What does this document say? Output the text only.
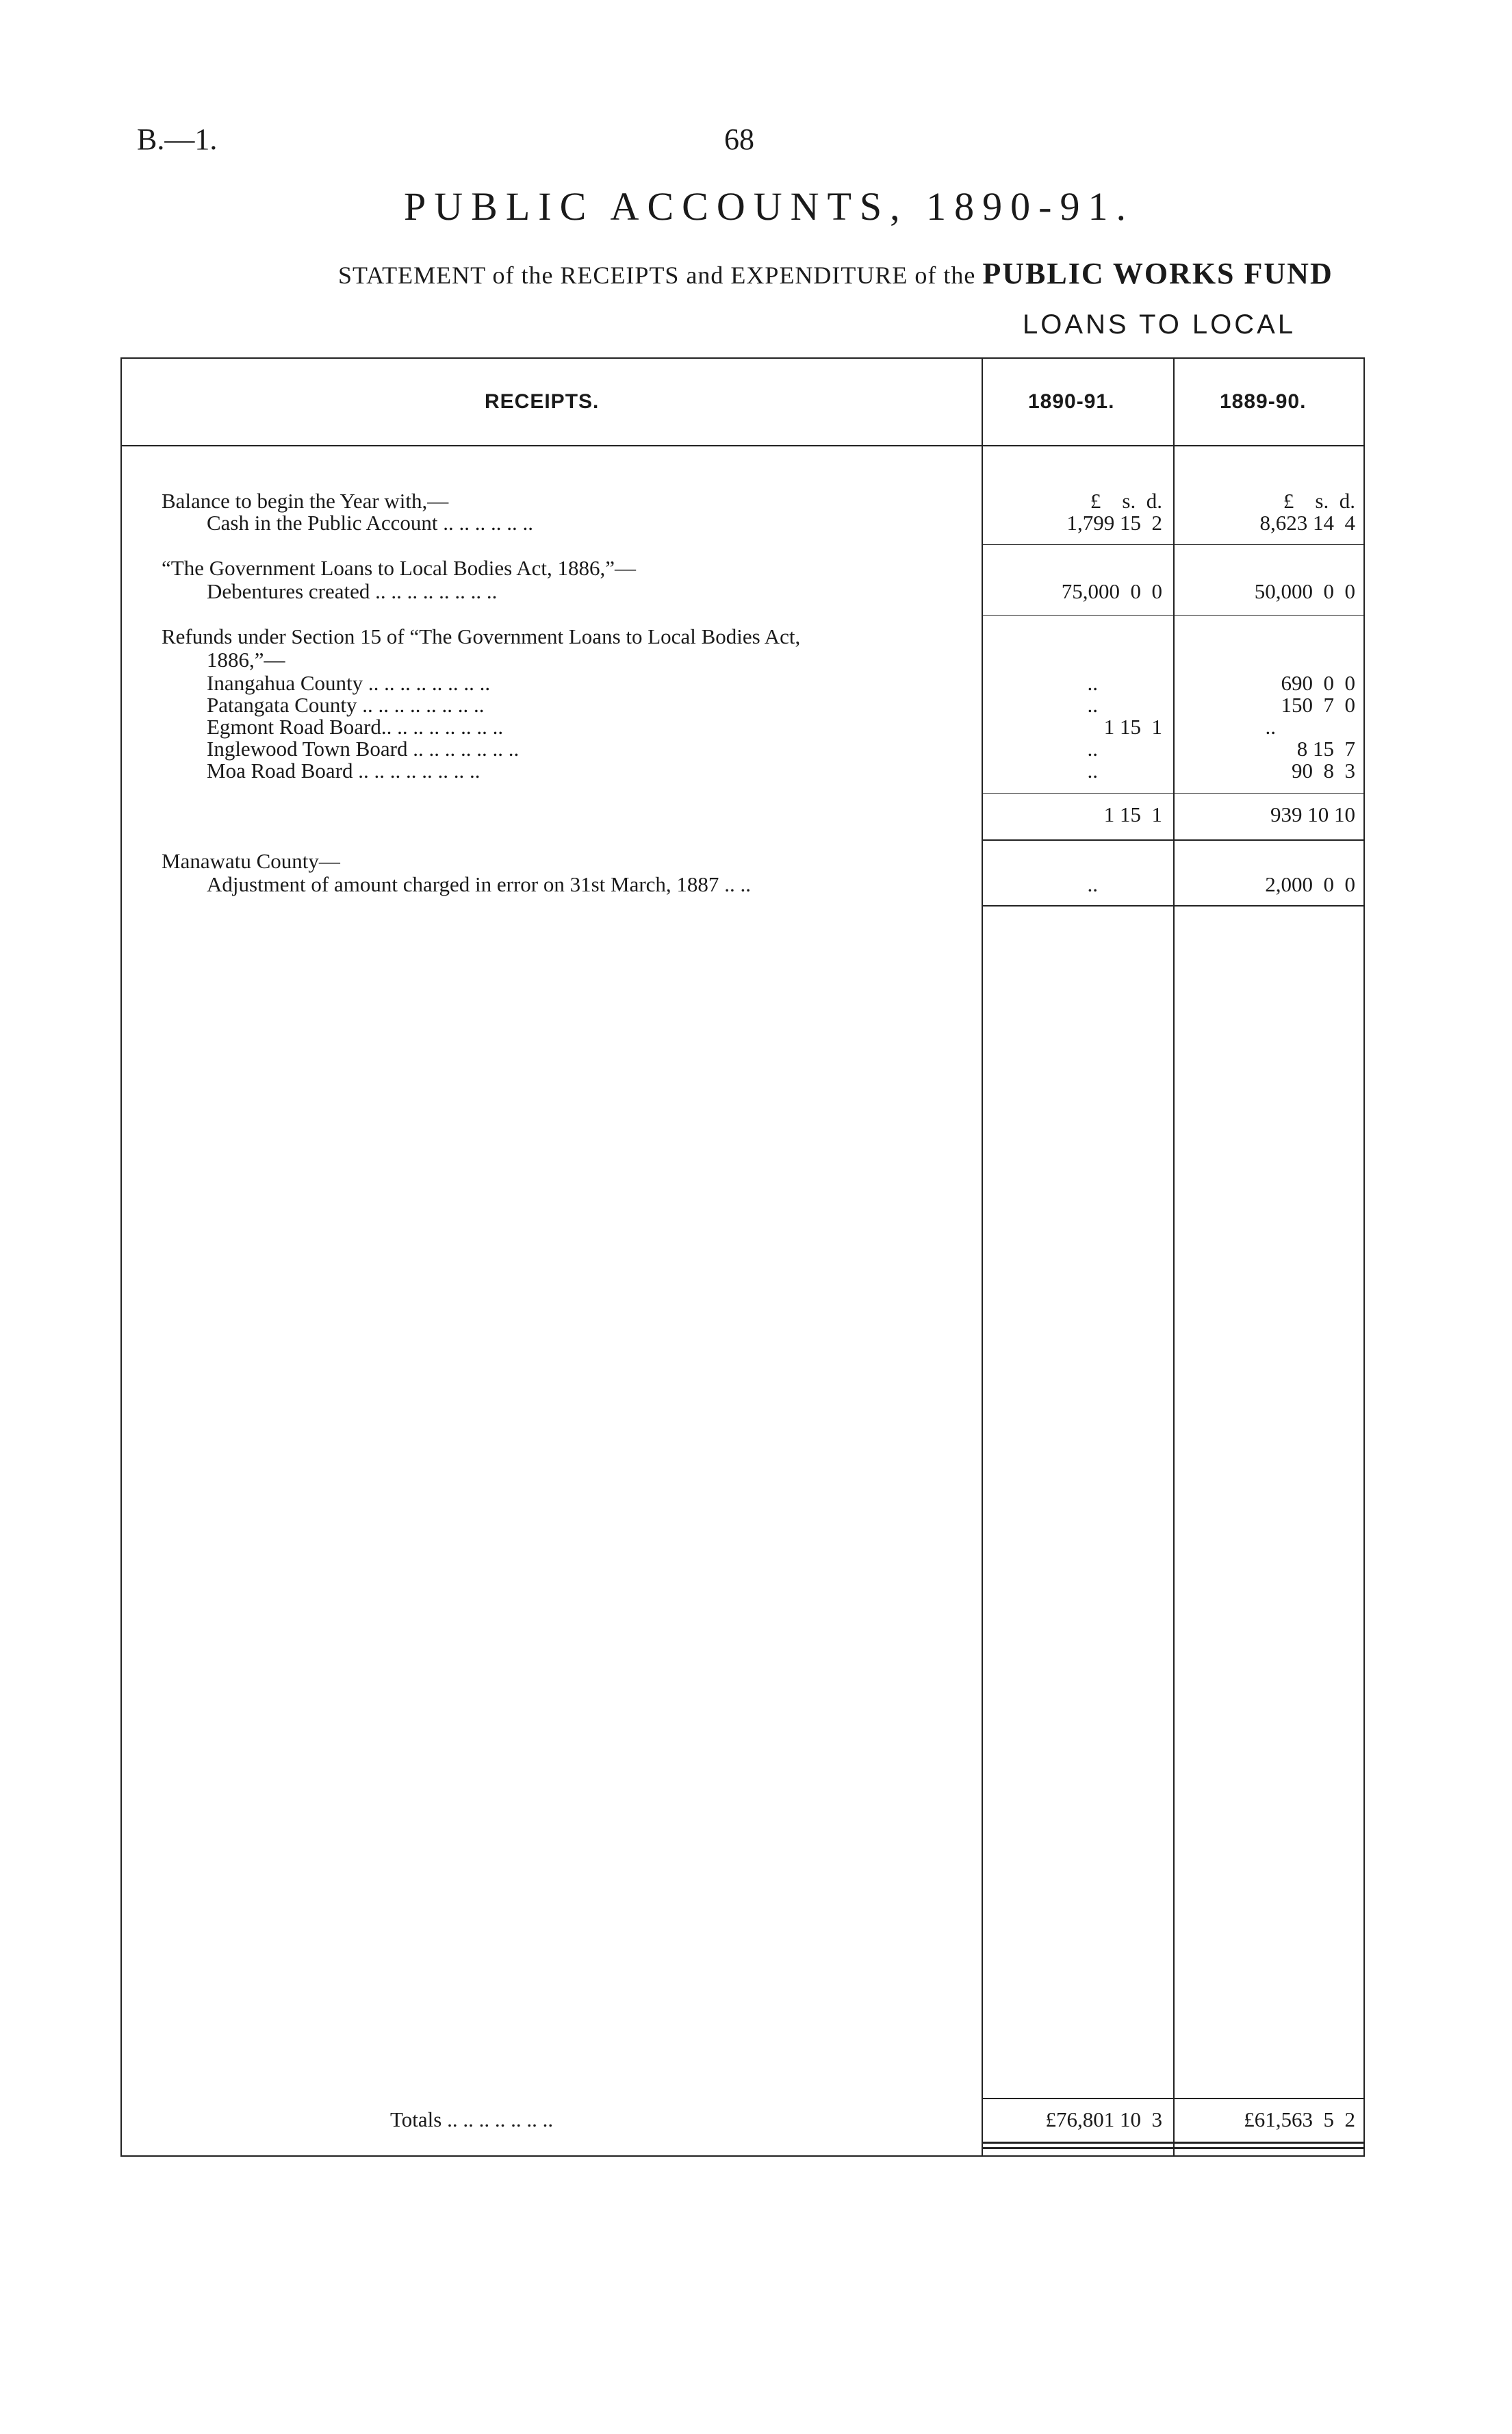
B.—1.	68
PUBLIC ACCOUNTS, 1890-91.
STATEMENT of the RECEIPTS and EXPENDITURE of the PUBLIC WORKS FUND
LOANS TO LOCAL
RECEIPTS.	1890-91.	1889-90.
£    s.  d.	£    s.  d.
Balance to begin the Year with,—
Cash in the Public Account .. .. .. .. .. ..	1,799 15  2	8,623 14  4
“The Government Loans to Local Bodies Act, 1886,”—
Debentures created .. .. .. .. .. .. .. ..	75,000  0  0	50,000  0  0
Refunds under Section 15 of “The Government Loans to Local Bodies Act,
1886,”—
Inangahua County .. .. .. .. .. .. .. ..	..	690  0  0
Patangata County .. .. .. .. .. .. .. ..	..	150  7  0
Egmont Road Board.. .. .. .. .. .. .. ..	1 15  1	..
Inglewood Town Board .. .. .. .. .. .. ..	..	8 15  7
Moa Road Board .. .. .. .. .. .. .. ..	..	90  8  3
1 15  1	939 10 10
Manawatu County—
Adjustment of amount charged in error on 31st March, 1887 .. ..	..	2,000  0  0
Totals .. .. .. .. .. .. ..	£76,801 10  3	£61,563  5  2
